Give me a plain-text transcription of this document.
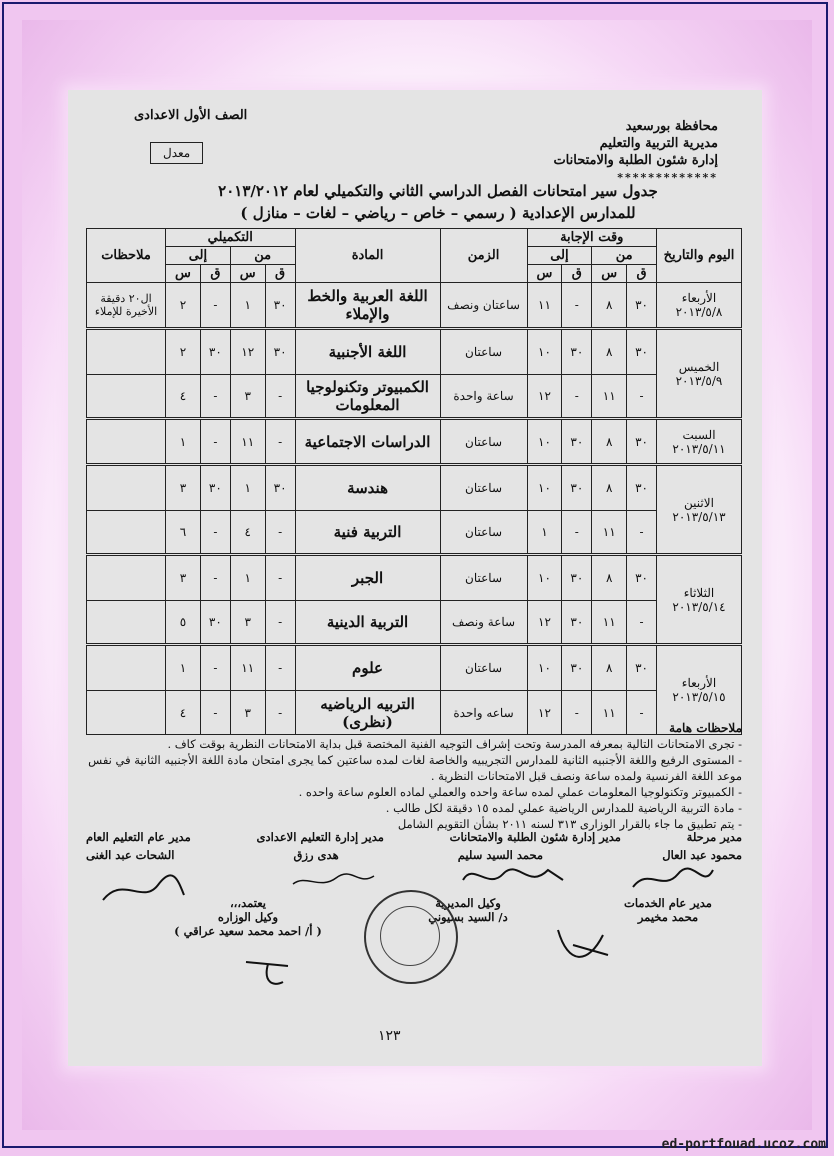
محافظة بورسعيد
مديرية التربية والتعليم
إدارة شئون الطلبة والامتحانات
*************
الصف الأول الاعدادى
معدل
جدول سير امتحانات الفصل الدراسي الثاني والتكميلي لعام ٢٠١٣/٢٠١٢
للمدارس الإعدادية ( رسمي – خاص – رياضي – لغات – منازل )
اليوم والتاريخ	وقت الإجابة				الزمن	المادة	التكميلي				ملاحظات
	من		إلى				من		إلى		
	ق	س	ق	س			ق	س	ق	س	

الأربعاء
٢٠١٣/٥/٨	٣٠	٨	-	١١	ساعتان ونصف	اللغة العربية والخط والإملاء	٣٠	١	-	٢	ال٢٠ دقيقة الأخيرة للإملاء

الخميس
٢٠١٣/٥/٩	٣٠	٨	٣٠	١٠	ساعتان	اللغة الأجنبية	٣٠	١٢	٣٠	٢	
	-	١١	-	١٢	ساعة واحدة	الكمبيوتر وتكنولوجيا المعلومات	-	٣	-	٤	

السبت
٢٠١٣/٥/١١	٣٠	٨	٣٠	١٠	ساعتان	الدراسات الاجتماعية	-	١١	-	١	

الاثنين
٢٠١٣/٥/١٣	٣٠	٨	٣٠	١٠	ساعتان	هندسة	٣٠	١	٣٠	٣	
	-	١١	-	١	ساعتان	التربية فنية	-	٤	-	٦	

الثلاثاء
٢٠١٣/٥/١٤	٣٠	٨	٣٠	١٠	ساعتان	الجبر	-	١	-	٣	
	-	١١	٣٠	١٢	ساعة ونصف	التربية الدينية	-	٣	٣٠	٥	

الأربعاء
٢٠١٣/٥/١٥	٣٠	٨	٣٠	١٠	ساعتان	علوم	-	١١	-	١	
	-	١١	-	١٢	ساعه واحدة	التربيه الرياضيه (نظرى)	-	٣	-	٤	
ملاحظات هامة
- تجرى الامتحانات التالية بمعرفه المدرسة وتحت إشراف التوجيه الفنية المختصة قبل بداية الامتحانات النظرية بوقت كاف .
- المستوى الرفيع واللغة الأجنبيه الثانية للمدارس التجريبيه والخاصة لغات لمده ساعتين كما يجرى امتحان مادة اللغة الأجنبيه الثانية في نفس موعد اللغة الفرنسية ولمده ساعة ونصف قبل الامتحانات النظرية .
- الكمبيوتر وتكنولوجيا المعلومات عملي لمده ساعة واحده والعملي لماده العلوم ساعة واحده .
- مادة التربية الرياضية للمدارس الرياضية عملي لمده ١٥ دقيقة لكل طالب .
- يتم تطبيق ما جاء بالقرار الوزارى ٣١٣ لسنه ٢٠١١ بشأن التقويم الشامل
مدير مرحلة
مدير إدارة شئون الطلبة والامتحانات
مدير إدارة التعليم الاعدادى
مدير عام التعليم العام
محمود عبد العال
محمد السيد سليم
هدى رزق
الشحات عبد الغنى
مدير عام الخدمات
محمد مخيمر
وكيل المديرية
د/ السيد بسيوني
يعتمد،،،
وكيل الوزاره
( أ/ احمد محمد سعيد عراقي )
١٢٣
ed-portfouad.ucoz.com
